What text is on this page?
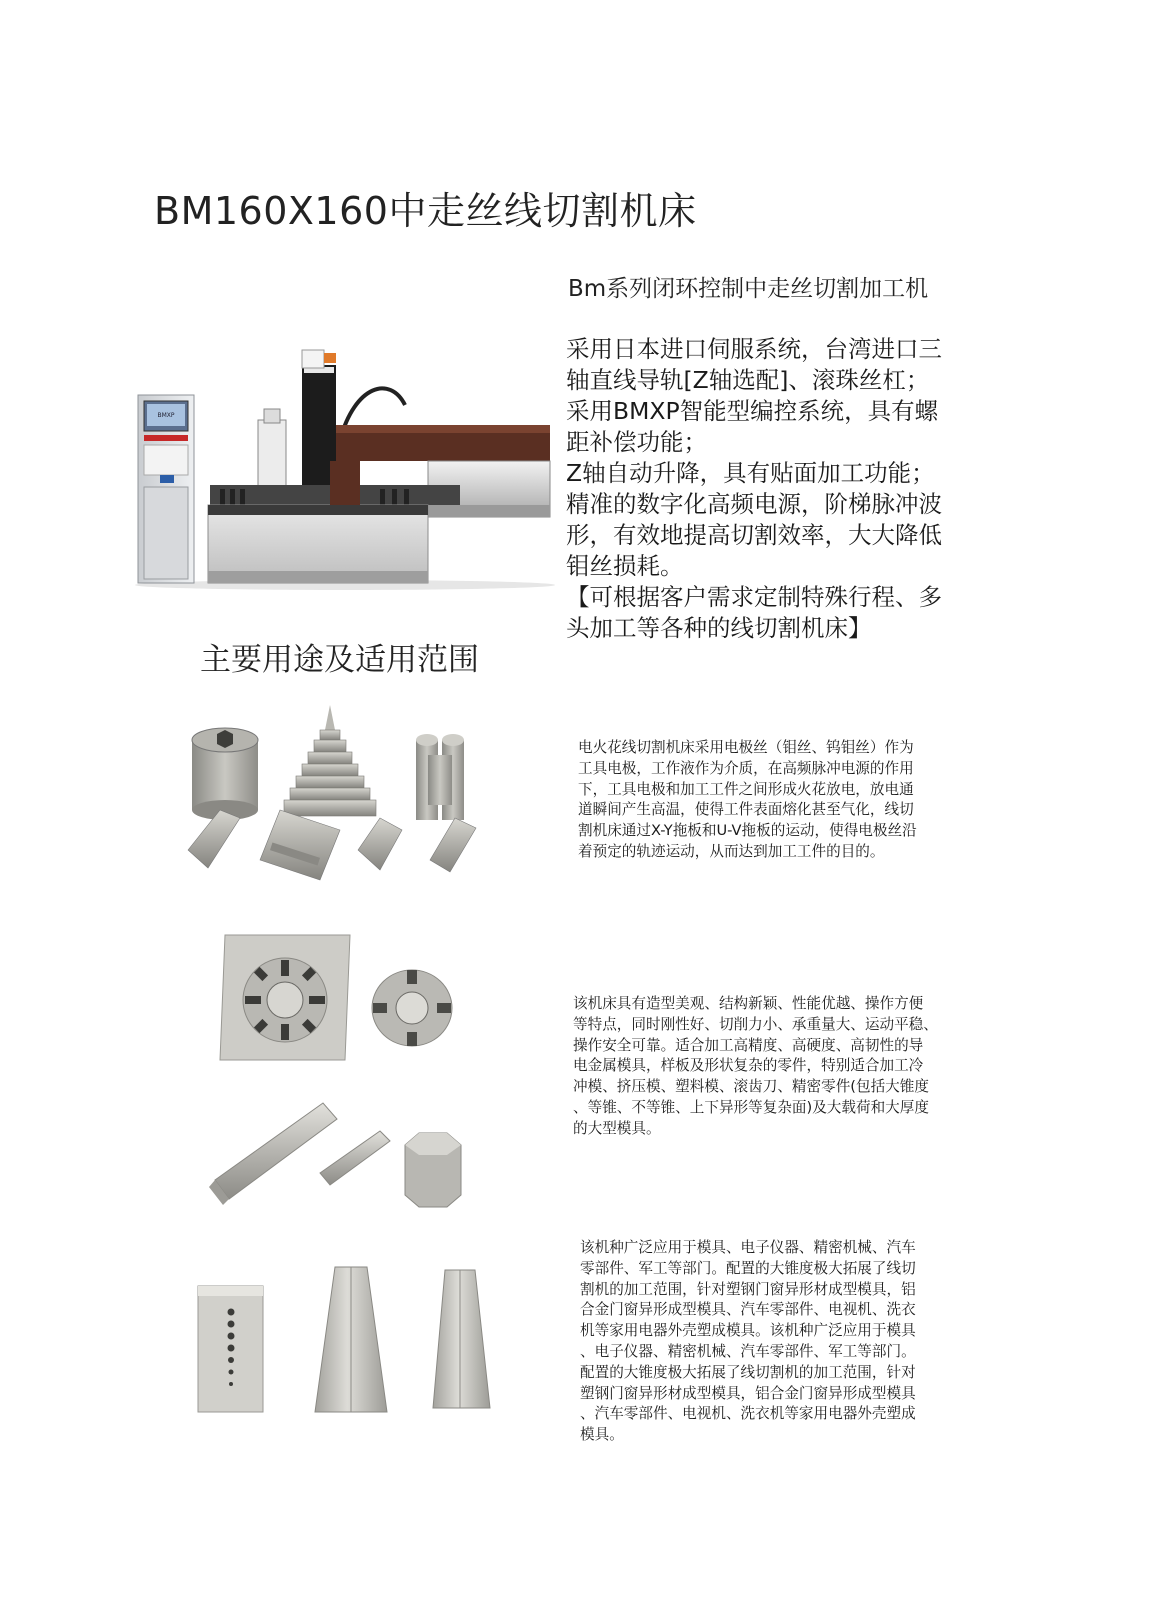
BM160X160中走丝线切割机床
Bm系列闭环控制中走丝切割加工机
采用日本进口伺服系统，台湾进口三
轴直线导轨[Z轴选配]、滚珠丝杠；
采用BMXP智能型编控系统，具有螺
距补偿功能；
Z轴自动升降，具有贴面加工功能；
精准的数字化高频电源，阶梯脉冲波
形，有效地提高切割效率，大大降低
钼丝损耗。
【可根据客户需求定制特殊行程、多
头加工等各种的线切割机床】
BMXP
主要用途及适用范围
电火花线切割机床采用电极丝（钼丝、钨钼丝）作为
工具电极，工作液作为介质，在高频脉冲电源的作用
下，工具电极和加工工件之间形成火花放电，放电通
道瞬间产生高温，使得工件表面熔化甚至气化，线切
割机床通过X-Y拖板和U-V拖板的运动，使得电极丝沿
着预定的轨迹运动，从而达到加工工件的目的。
该机床具有造型美观、结构新颖、性能优越、操作方便
等特点，同时刚性好、切削力小、承重量大、运动平稳、
操作安全可靠。适合加工高精度、高硬度、高韧性的导
电金属模具，样板及形状复杂的零件，特别适合加工冷
冲模、挤压模、塑料模、滚齿刀、精密零件(包括大锥度
、等锥、不等锥、上下异形等复杂面)及大载荷和大厚度
的大型模具。
该机种广泛应用于模具、电子仪器、精密机械、汽车
零部件、军工等部门。配置的大锥度极大拓展了线切
割机的加工范围，针对塑钢门窗异形材成型模具，铝
合金门窗异形成型模具、汽车零部件、电视机、洗衣
机等家用电器外壳塑成模具。该机种广泛应用于模具
、电子仪器、精密机械、汽车零部件、军工等部门。
配置的大锥度极大拓展了线切割机的加工范围，针对
塑钢门窗异形材成型模具，铝合金门窗异形成型模具
、汽车零部件、电视机、洗衣机等家用电器外壳塑成
模具。
